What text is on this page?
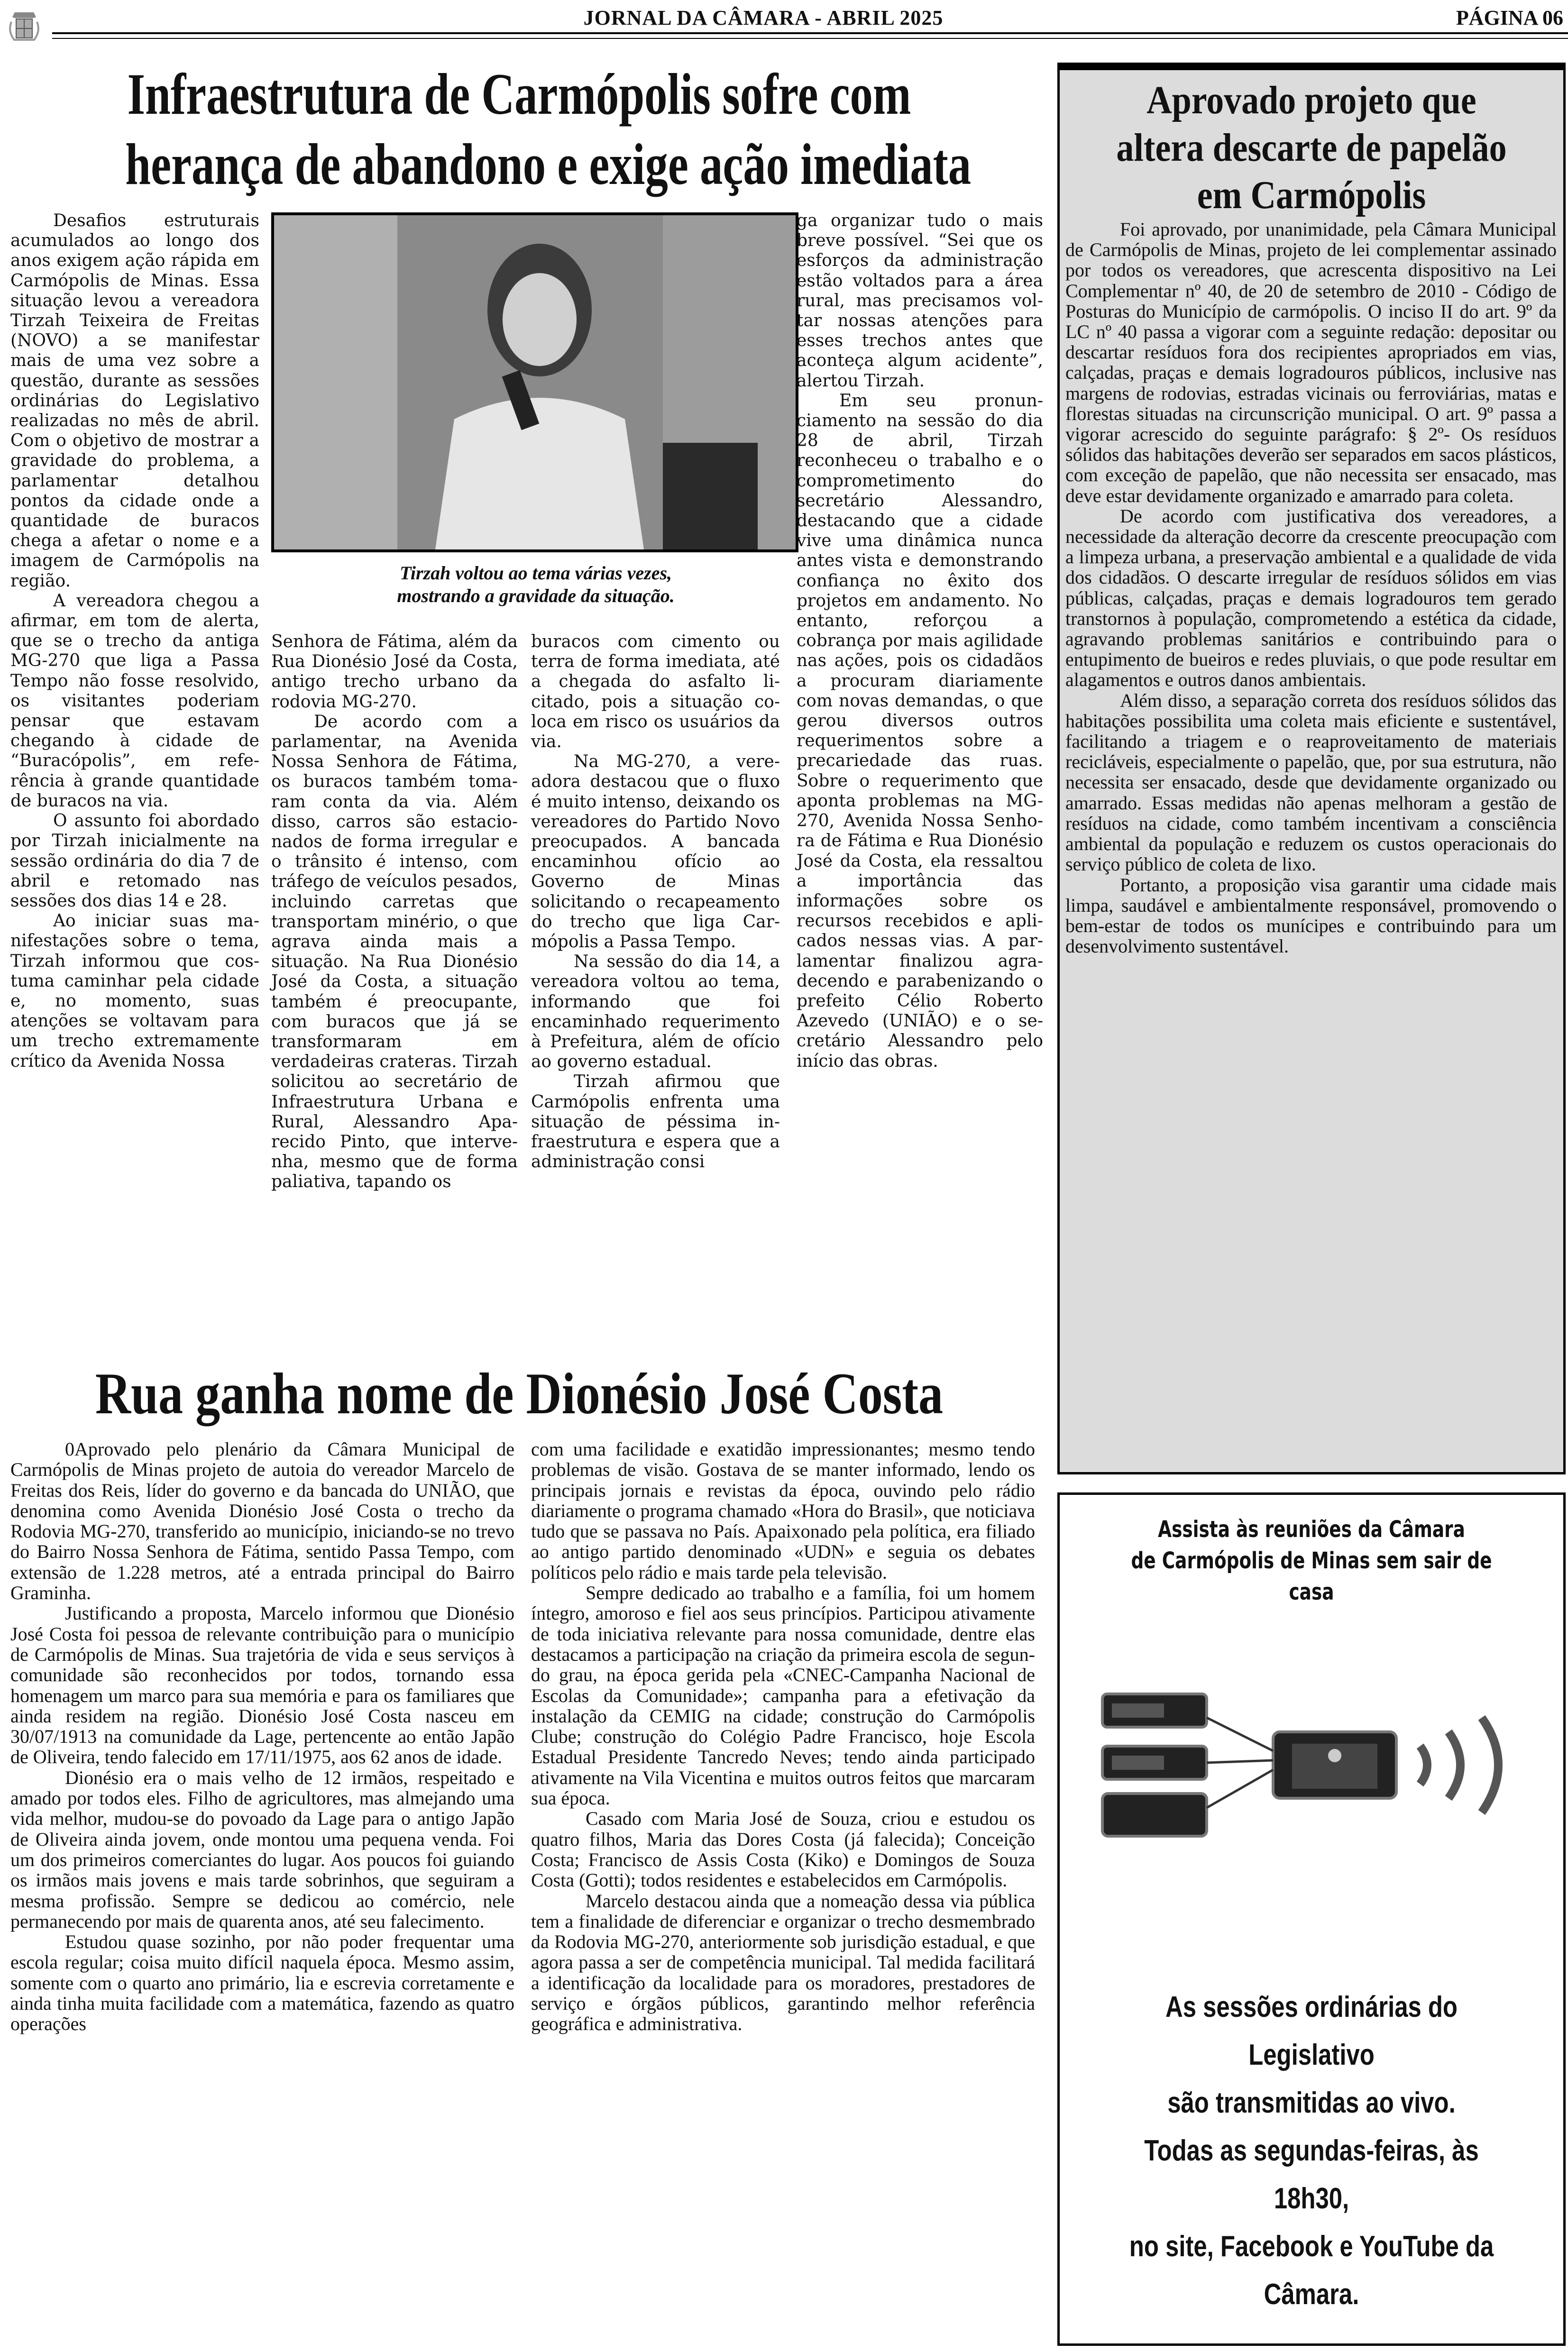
JORNAL DA CÂMARA - ABRIL 2025	PÁGINA 06
Infraestrutura de Carmópolis sofre com
herança de abandono e exige ação imediata

Desafios estruturais acumulados ao longo dos anos exigem ação rápida em Carmópolis de Minas. Essa situação levou a vereadora Tirzah Teixeira de Freitas (NOVO) a se manifestar mais de uma vez sobre a questão, durante as sessões ordinárias do Legislativo realizadas no mês de abril. Com o objetivo de mostrar a gravidade do problema, a parlamentar detalhou pontos da cidade onde a quantidade de buracos chega a afetar o nome e a imagem de Carmópolis na região.

A vereadora chegou a afirmar, em tom de alerta, que se o trecho da antiga MG-270 que liga a Passa Tempo não fosse resolvido, os visitantes poderiam pensar que estavam chegando à cidade de “Buracópolis”, em referência à grande quantidade de buracos na via.

O assunto foi abordado por Tirzah inicialmente na sessão ordinária do dia 7 de abril e retomado nas sessões dos dias 14 e 28.

Ao iniciar suas manifestações sobre o tema, Tirzah informou que costuma caminhar pela cidade e, no momento, suas atenções se voltavam para um trecho extremamente crítico da Avenida Nossa

Tirzah voltou ao tema várias vezes,
mostrando a gravidade da situação.

Senhora de Fátima, além da Rua Dionésio José da Costa, antigo trecho urbano da rodovia MG-270.

De acordo com a parlamentar, na Avenida Nossa Senhora de Fátima, os buracos também tomaram conta da via. Além disso, carros são estacionados de forma irregular e o trânsito é intenso, com tráfego de veículos pesados, incluindo carretas que transportam minério, o que agrava ainda mais a situação. Na Rua Dionésio José da Costa, a situação também é preocupante, com buracos que já se transformaram em verdadeiras crateras. Tirzah solicitou ao secretário de Infraestrutura Urbana e Rural, Alessandro Aparecido Pinto, que intervenha, mesmo que de forma paliativa, tapando os

buracos com cimento ou terra de forma imediata, até a chegada do asfalto licitado, pois a situação coloca em risco os usuários da via.

Na MG-270, a vereadora destacou que o fluxo é muito intenso, deixando os vereadores do Partido Novo preocupados. A bancada encaminhou ofício ao Governo de Minas solicitando o recapeamento do trecho que liga Carmópolis a Passa Tempo.

Na sessão do dia 14, a vereadora voltou ao tema, informando que foi encaminhado requerimento à Prefeitura, além de ofício ao governo estadual.

Tirzah afirmou que Carmópolis enfrenta uma situação de péssima infraestrutura e espera que a administração consi

ga organizar tudo o mais breve possível. “Sei que os esforços da administração estão voltados para a área rural, mas precisamos voltar nossas atenções para esses trechos antes que aconteça algum acidente”, alertou Tirzah.

Em seu pronunciamento na sessão do dia 28 de abril, Tirzah reconheceu o trabalho e o comprometimento do secretário Alessandro, destacando que a cidade vive uma dinâmica nunca antes vista e demonstrando confiança no êxito dos projetos em andamento. No entanto, reforçou a cobrança por mais agilidade nas ações, pois os cidadãos a procuram diariamente com novas demandas, o que gerou diversos outros requerimentos sobre a precariedade das ruas. Sobre o requerimento que aponta problemas na MG-270, Avenida Nossa Senhora de Fátima e Rua Dionésio José da Costa, ela ressaltou a importância das informações sobre os recursos recebidos e aplicados nessas vias. A parlamentar finalizou agradecendo e parabenizando o prefeito Célio Roberto Azevedo (UNIÃO) e o secretário Alessandro pelo início das obras.

Rua ganha nome de Dionésio José Costa

0Aprovado pelo plenário da Câmara Municipal de Carmópolis de Minas projeto de autoia do vereador Marcelo de Freitas dos Reis, líder do governo e da bancada do UNIÃO, que denomina como Avenida Dionésio José Costa o trecho da Rodovia MG-270, transferido ao município, iniciando-se no trevo do Bairro Nossa Senhora de Fátima, sentido Passa Tempo, com extensão de 1.228 metros, até a entrada principal do Bairro Graminha.

Justificando a proposta, Marcelo informou que Dionésio José Costa foi pessoa de relevante contribuição para o município de Carmópolis de Minas. Sua trajetória de vida e seus serviços à comunidade são reconhecidos por todos, tornando essa homenagem um marco para sua memória e para os familiares que ainda residem na região. Dionésio José Costa nasceu em 30/07/1913 na comunidade da Lage, pertencente ao então Japão de Oliveira, tendo falecido em 17/11/1975, aos 62 anos de idade.

Dionésio era o mais velho de 12 irmãos, respeitado e amado por todos eles. Filho de agricultores, mas almejando uma vida melhor, mudou-se do povoado da Lage para o antigo Japão de Oliveira ainda jovem, onde montou uma pequena venda. Foi um dos primeiros comerciantes do lugar. Aos poucos foi guiando os irmãos mais jovens e mais tarde sobrinhos, que seguiram a mesma profissão. Sempre se dedicou ao comércio, nele permanecendo por mais de quarenta anos, até seu falecimento.

Estudou quase sozinho, por não poder frequentar uma escola regular; coisa muito difícil naquela época. Mesmo assim, somente com o quarto ano primário, lia e escrevia corretamente e ainda tinha muita facilidade com a matemática, fazendo as quatro operações

com uma facilidade e exatidão impressionantes; mesmo tendo problemas de visão. Gostava de se manter informado, lendo os principais jornais e revistas da época, ouvindo pelo rádio diariamente o programa chamado «Hora do Brasil», que noticiava tudo que se passava no País. Apaixonado pela política, era filiado ao antigo partido denominado «UDN» e seguia os debates políticos pelo rádio e mais tarde pela televisão.

Sempre dedicado ao trabalho e a família, foi um homem íntegro, amoroso e fiel aos seus princípios. Participou ativamente de toda iniciativa relevante para nossa comunidade, dentre elas destacamos a participação na criação da primeira escola de segundo grau, na época gerida pela «CNEC-Campanha Nacional de Escolas da Comunidade»; campanha para a efetivação da instalação da CEMIG na cidade; construção do Carmópolis Clube; construção do Colégio Padre Francisco, hoje Escola Estadual Presidente Tancredo Neves; tendo ainda participado ativamente na Vila Vicentina e muitos outros feitos que marcaram sua época.

Casado com Maria José de Souza, criou e estudou os quatro filhos, Maria das Dores Costa (já falecida); Conceição Costa; Francisco de Assis Costa (Kiko) e Domingos de Souza Costa (Gotti); todos residentes e estabelecidos em Carmópolis.

Marcelo destacou ainda que a nomeação dessa via pública tem a finalidade de diferenciar e organizar o trecho desmembrado da Rodovia MG-270, anteriormente sob jurisdição estadual, e que agora passa a ser de competência municipal. Tal medida facilitará a identificação da localidade para os moradores, prestadores de serviço e órgãos públicos, garantindo melhor referência geográfica e administrativa.

Aprovado projeto que
altera descarte de papelão
em Carmópolis

Foi aprovado, por unanimidade, pela Câmara Municipal de Carmópolis de Minas, projeto de lei complementar assinado por todos os vereadores, que acrescenta dispositivo na Lei Complementar nº 40, de 20 de setembro de 2010 - Código de Posturas do Município de carmópolis. O inciso II do art. 9º da LC nº 40 passa a vigorar com a seguinte redação: depositar ou descartar resíduos fora dos recipientes apropriados em vias, calçadas, praças e demais logradouros públicos, inclusive nas margens de rodovias, estradas vicinais ou ferroviárias, matas e florestas situadas na circunscrição municipal. O art. 9º passa a vigorar acrescido do seguinte parágrafo: § 2º- Os resíduos sólidos das habitações deverão ser separados em sacos plásticos, com exceção de papelão, que não necessita ser ensacado, mas deve estar devidamente organizado e amarrado para coleta.

De acordo com justificativa dos vereadores, a necessidade da alteração decorre da crescente preocupação com a limpeza urbana, a preservação ambiental e a qualidade de vida dos cidadãos. O descarte irregular de resíduos sólidos em vias públicas, calçadas, praças e demais logradouros tem gerado transtornos à população, comprometendo a estética da cidade, agravando problemas sanitários e contribuindo para o entupimento de bueiros e redes pluviais, o que pode resultar em alagamentos e outros danos ambientais.

Além disso, a separação correta dos resíduos sólidos das habitações possibilita uma coleta mais eficiente e sustentável, facilitando a triagem e o reaproveitamento de materiais recicláveis, especialmente o papelão, que, por sua estrutura, não necessita ser ensacado, desde que devidamente organizado ou amarrado. Essas medidas não apenas melhoram a gestão de resíduos na cidade, como também incentivam a consciência ambiental da população e reduzem os custos operacionais do serviço público de coleta de lixo.

Portanto, a proposição visa garantir uma cidade mais limpa, saudável e ambientalmente responsável, promovendo o bem-estar de todos os munícipes e contribuindo para um desenvolvimento sustentável.

Assista às reuniões da Câmara
de Carmópolis de Minas sem sair de casa
As sessões ordinárias do
Legislativo
são transmitidas ao vivo.
Todas as segundas-feiras, às 18h30,
no site, Facebook e YouTube da Câmara.
